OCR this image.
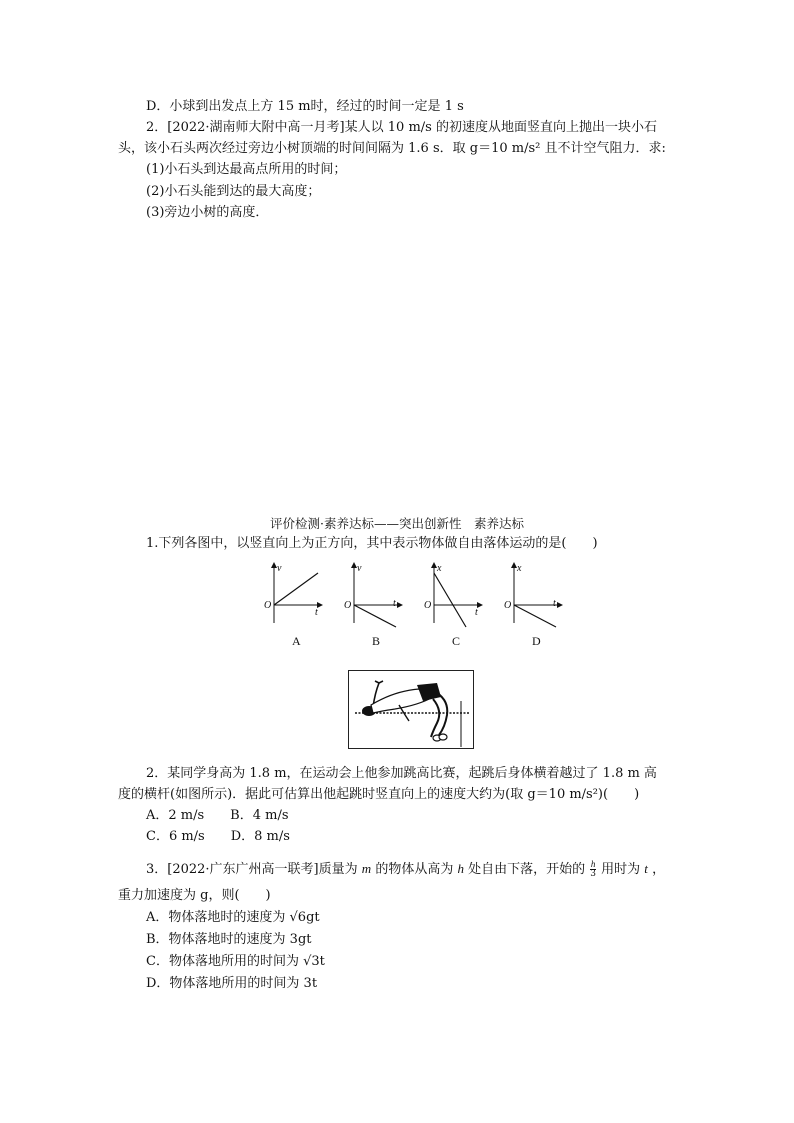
D．小球到出发点上方 15 m时，经过的时间一定是 1 s
2．[2022·湖南师大附中高一月考]某人以 10 m/s 的初速度从地面竖直向上抛出一块小石
头，该小石头两次经过旁边小树顶端的时间间隔为 1.6 s．取 g＝10 m/s² 且不计空气阻力．求:
(1)小石头到达最高点所用的时间；
(2)小石头能到达的最大高度；
(3)旁边小树的高度．
评价检测·素养达标——突出创新性　素养达标
1.下列各图中，以竖直向上为正方向，其中表示物体做自由落体运动的是(　　)
v
O
t
A
v
O	t
B
x
O
t
C
x
O	t
D
2．某同学身高为 1.8 m，在运动会上他参加跳高比赛，起跳后身体横着越过了 1.8 m 高
度的横杆(如图所示)．据此可估算出他起跳时竖直向上的速度大约为(取 g＝10 m/s²)(　　)
A．2 m/s　　B．4 m/s
C．6 m/s　　D．8 m/s
3．[2022·广东广州高一联考]质量为 m 的物体从高为 h 处自由下落，开始的 $\frac{h}{3}$ 用时为 t ，
重力加速度为 g，则(　　)
A．物体落地时的速度为 √6gt
B．物体落地时的速度为 3gt
C．物体落地所用的时间为 √3t
D．物体落地所用的时间为 3t
